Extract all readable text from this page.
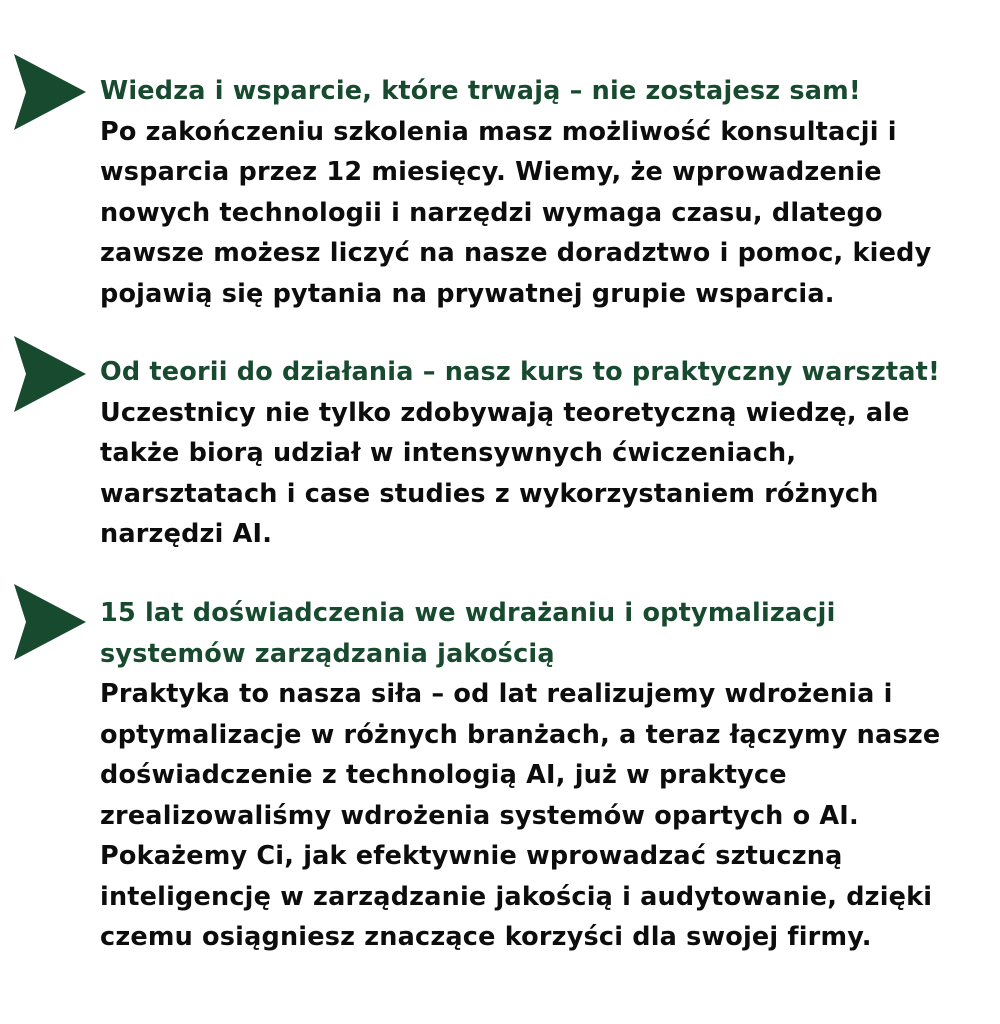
Wiedza i wsparcie, które trwają – nie zostajesz sam!
Po zakończeniu szkolenia masz możliwość konsultacji i
wsparcia przez 12 miesięcy. Wiemy, że wprowadzenie
nowych technologii i narzędzi wymaga czasu, dlatego
zawsze możesz liczyć na nasze doradztwo i pomoc, kiedy
pojawią się pytania na prywatnej grupie wsparcia.
Od teorii do działania – nasz kurs to praktyczny warsztat!
Uczestnicy nie tylko zdobywają teoretyczną wiedzę, ale
także biorą udział w intensywnych ćwiczeniach,
warsztatach i case studies z wykorzystaniem różnych
narzędzi AI.
15 lat doświadczenia we wdrażaniu i optymalizacji
systemów zarządzania jakością
Praktyka to nasza siła – od lat realizujemy wdrożenia i
optymalizacje w różnych branżach, a teraz łączymy nasze
doświadczenie z technologią AI, już w praktyce
zrealizowaliśmy wdrożenia systemów opartych o AI.
Pokażemy Ci, jak efektywnie wprowadzać sztuczną
inteligencję w zarządzanie jakością i audytowanie, dzięki
czemu osiągniesz znaczące korzyści dla swojej firmy.
